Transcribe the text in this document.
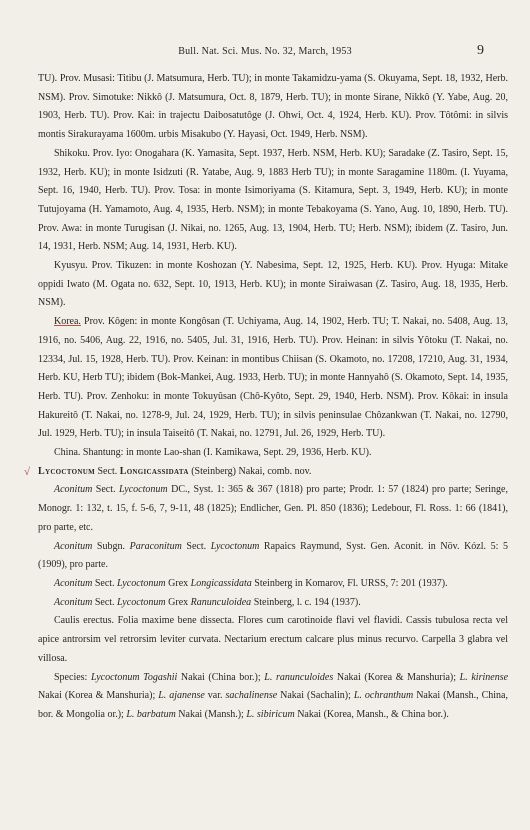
Bull. Nat. Sci. Mus. No. 32, March, 1953	9

TU). Prov. Musasi: Titibu (J. Matsumura, Herb. TU); in monte Takamidzu-yama (S. Okuyama, Sept. 18, 1932, Herb. NSM). Prov. Simotuke: Nikkô (J. Matsumura, Oct. 8, 1879, Herb. TU); in monte Sirane, Nikkô (Y. Yabe, Aug. 20, 1903, Herb. TU). Prov. Kai: in trajectu Daibosatutôge (J. Ohwi, Oct. 4, 1924, Herb. KU). Prov. Tôtômi: in silvis montis Sirakurayama 1600m. urbis Misakubo (Y. Hayasi, Oct. 1949, Herb. NSM).

Shikoku. Prov. Iyo: Onogahara (K. Yamasita, Sept. 1937, Herb. NSM, Herb. KU); Saradake (Z. Tasiro, Sept. 15, 1932, Herb. KU); in monte Isidzuti (R. Yatabe, Aug. 9, 1883 Herb TU); in monte Saragamine 1180m. (I. Yuyama, Sept. 16, 1940, Herb. TU). Prov. Tosa: in monte Isimoriyama (S. Kitamura, Sept. 3, 1949, Herb. KU); in monte Tutujoyama (H. Yamamoto, Aug. 4, 1935, Herb. NSM); in monte Tebakoyama (S. Yano, Aug. 10, 1890, Herb. TU). Prov. Awa: in monte Turugisan (J. Nikai, no. 1265, Aug. 13, 1904, Herb. TU; Herb. NSM); ibidem (Z. Tasiro, Jun. 14, 1931, Herb. NSM; Aug. 14, 1931, Herb. KU).

Kyusyu. Prov. Tikuzen: in monte Koshozan (Y. Nabesima, Sept. 12, 1925, Herb. KU). Prov. Hyuga: Mitake oppidi Iwato (M. Ogata no. 632, Sept. 10, 1913, Herb. KU); in monte Siraiwasan (Z. Tasiro, Aug. 18, 1935, Herb. NSM).

Korea. Prov. Kôgen: in monte Kongôsan (T. Uchiyama, Aug. 14, 1902, Herb. TU; T. Nakai, no. 5408, Aug. 13, 1916, no. 5406, Aug. 22, 1916, no. 5405, Jul. 31, 1916, Herb. TU). Prov. Heinan: in silvis Yôtoku (T. Nakai, no. 12334, Jul. 15, 1928, Herb. TU). Prov. Keinan: in montibus Chiisan (S. Okamoto, no. 17208, 17210, Aug. 31, 1934, Herb. KU, Herb TU); ibidem (Bok-Mankei, Aug. 1933, Herb. TU); in monte Hannyahô (S. Okamoto, Sept. 14, 1935, Herb. TU). Prov. Zenhoku: in monte Tokuyûsan (Chô-Kyôto, Sept. 29, 1940, Herb. NSM). Prov. Kôkai: in insula Hakureitô (T. Nakai, no. 1278-9, Jul. 24, 1929, Herb. TU); in silvis peninsulae Chôzankwan (T. Nakai, no. 12790, Jul. 1929, Herb. TU); in insula Taiseitô (T. Nakai, no. 12791, Jul. 26, 1929, Herb. TU).

China. Shantung: in monte Lao-shan (I. Kamikawa, Sept. 29, 1936, Herb. KU).

√ Lycoctonum Sect. Longicassidata (Steinberg) Nakai, comb. nov.

Aconitum Sect. Lycoctonum DC., Syst. 1: 365 & 367 (1818) pro parte; Prodr. 1: 57 (1824) pro parte; Seringe, Monogr. 1: 132, t. 15, f. 5-6, 7, 9-11, 48 (1825); Endlicher, Gen. Pl. 850 (1836); Ledebour, Fl. Ross. 1: 66 (1841), pro parte, etc.

Aconitum Subgn. Paraconitum Sect. Lycoctonum Rapaics Raymund, Syst. Gen. Aconit. in Növ. Kózl. 5: 5 (1909), pro parte.

Aconitum Sect. Lycoctonum Grex Longicassidata Steinberg in Komarov, Fl. URSS, 7: 201 (1937).

Aconitum Sect. Lycoctonum Grex Ranunculoidea Steinberg, l. c. 194 (1937).

Caulis erectus. Folia maxime bene dissecta. Flores cum carotinoide flavi vel flavidi. Cassis tubulosa recta vel apice antrorsim vel retrorsim leviter curvata. Nectarium erectum calcare plus minus recurvo. Carpella 3 glabra vel villosa.

Species: Lycoctonum Togashii Nakai (China bor.); L. ranunculoides Nakai (Korea & Manshuria); L. kirinense Nakai (Korea & Manshuria); L. ajanense var. sachalinense Nakai (Sachalin); L. ochranthum Nakai (Mansh., China, bor. & Mongolia or.); L. barbatum Nakai (Mansh.); L. sibiricum Nakai (Korea, Mansh., & China bor.).
